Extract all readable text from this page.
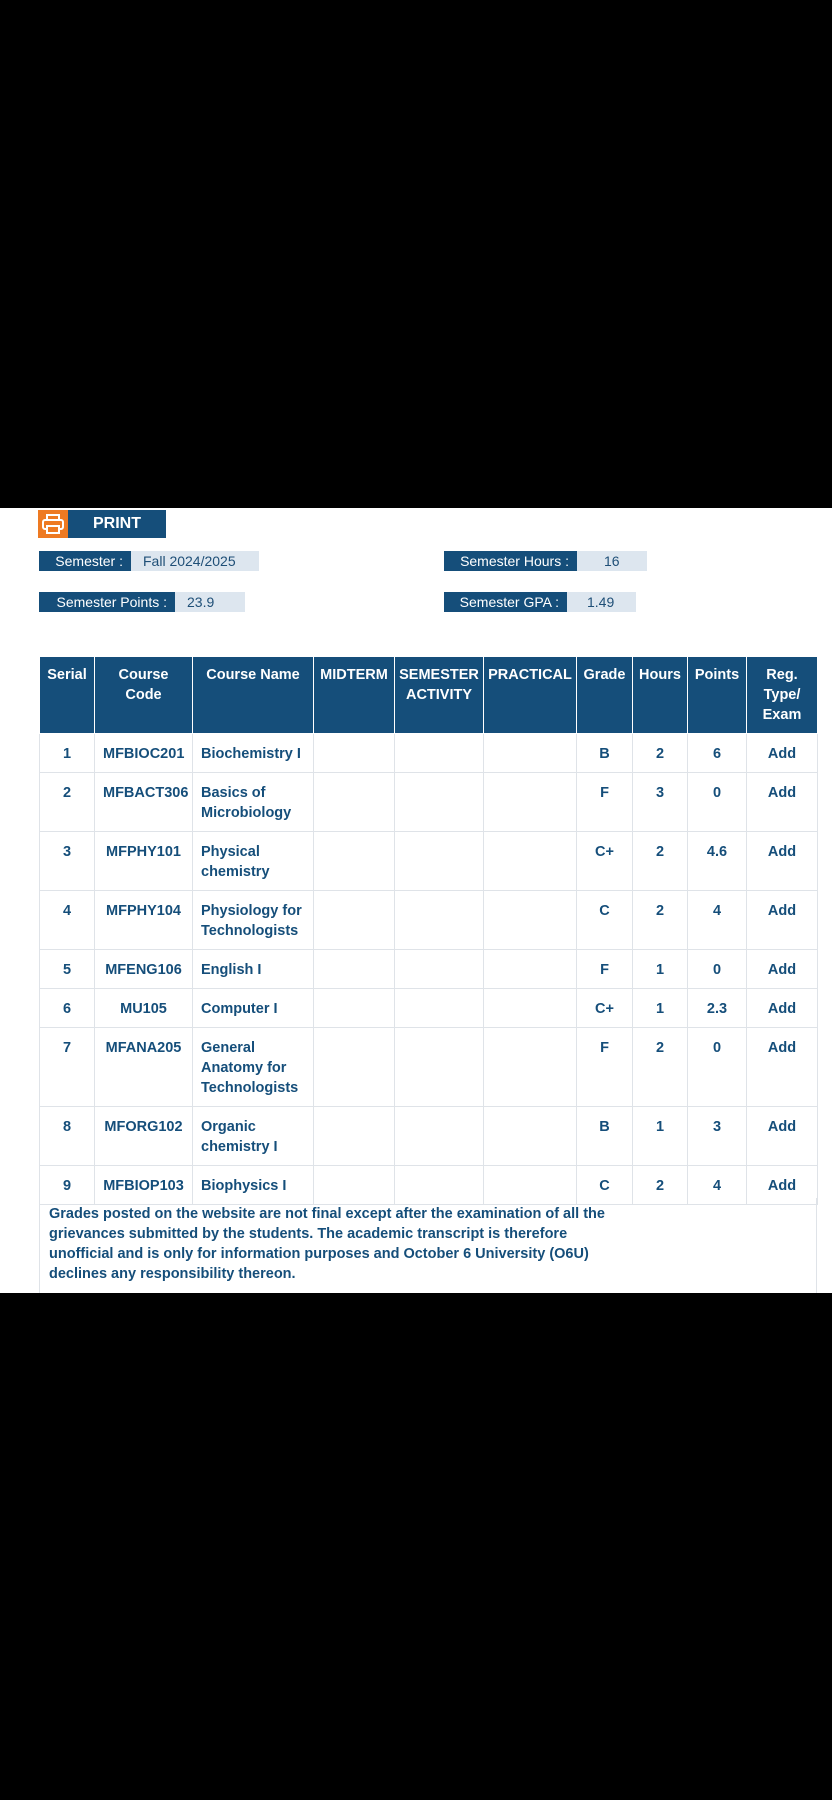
PRINT
Semester :	Fall 2024/2025	Semester Hours :	16
Semester Points :	23.9	Semester GPA :	1.49
Serial	Course Code	Course Name	MIDTERM	SEMESTER ACTIVITY	PRACTICAL	Grade	Hours	Points	Reg. Type/ Exam
1	MFBIOC201	Biochemistry I				B	2	6	Add
2	MFBACT306	Basics of Microbiology				F	3	0	Add
3	MFPHY101	Physical chemistry				C+	2	4.6	Add
4	MFPHY104	Physiology for Technologists				C	2	4	Add
5	MFENG106	English I				F	1	0	Add
6	MU105	Computer I				C+	1	2.3	Add
7	MFANA205	General Anatomy for Technologists				F	2	0	Add
8	MFORG102	Organic chemistry I				B	1	3	Add
9	MFBIOP103	Biophysics I				C	2	4	Add
Grades posted on the website are not final except after the examination of all the grievances submitted by the students. The academic transcript is therefore unofficial and is only for information purposes and October 6 University (O6U) declines any responsibility thereon.
